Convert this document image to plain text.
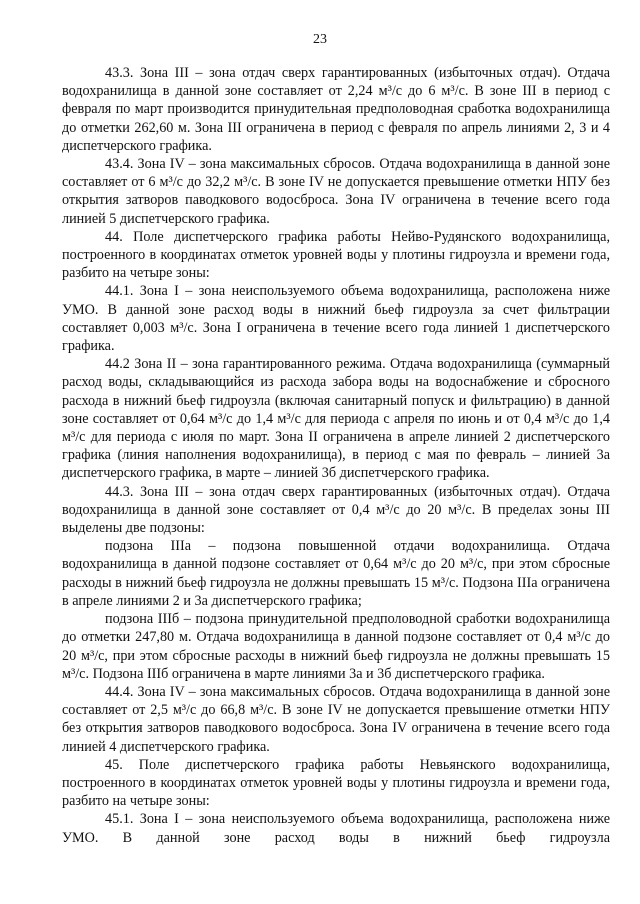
23

43.3. Зона III – зона отдач сверх гарантированных (избыточных отдач). Отдача водохранилища в данной зоне составляет от 2,24 м³/с до 6 м³/с. В зоне III в период с февраля по март производится принудительная предполоводная сработка водохранилища до отметки 262,60 м. Зона III ограничена в период с февраля по апрель линиями 2, 3 и 4 диспетчерского графика.

43.4. Зона IV – зона максимальных сбросов. Отдача водохранилища в данной зоне составляет от 6 м³/с до 32,2 м³/с. В зоне IV не допускается превышение отметки НПУ без открытия затворов паводкового водосброса. Зона IV ограничена в течение всего года линией 5 диспетчерского графика.

44. Поле диспетчерского графика работы Нейво-Рудянского водохранилища, построенного в координатах отметок уровней воды у плотины гидроузла и времени года, разбито на четыре зоны:

44.1. Зона I – зона неиспользуемого объема водохранилища, расположена ниже УМО. В данной зоне расход воды в нижний бьеф гидроузла за счет фильтрации составляет 0,003 м³/с. Зона I ограничена в течение всего года линией 1 диспетчерского графика.

44.2 Зона II – зона гарантированного режима. Отдача водохранилища (суммарный расход воды, складывающийся из расхода забора воды на водоснабжение и сбросного расхода в нижний бьеф гидроузла (включая санитарный попуск и фильтрацию) в данной зоне составляет от 0,64 м³/с до 1,4 м³/с для периода с апреля по июнь и от 0,4 м³/с до 1,4 м³/с для периода с июля по март. Зона II ограничена в апреле линией 2 диспетчерского графика (линия наполнения водохранилища), в период с мая по февраль – линией 3а диспетчерского графика, в марте – линией 3б диспетчерского графика.

44.3. Зона III – зона отдач сверх гарантированных (избыточных отдач). Отдача водохранилища в данной зоне составляет от 0,4 м³/с до 20 м³/с. В пределах зоны III выделены две подзоны:

подзона IIIа – подзона повышенной отдачи водохранилища. Отдача водохранилища в данной подзоне составляет от 0,64 м³/с до 20 м³/с, при этом сбросные расходы в нижний бьеф гидроузла не должны превышать 15 м³/с. Подзона IIIа ограничена в апреле линиями 2 и 3а диспетчерского графика;

подзона IIIб – подзона принудительной предполоводной сработки водохранилища до отметки 247,80 м. Отдача водохранилища в данной подзоне составляет от 0,4 м³/с до 20 м³/с, при этом сбросные расходы в нижний бьеф гидроузла не должны превышать 15 м³/с. Подзона IIIб ограничена в марте линиями 3а и 3б диспетчерского графика.

44.4. Зона IV – зона максимальных сбросов. Отдача водохранилища в данной зоне составляет от 2,5 м³/с до 66,8 м³/с. В зоне IV не допускается превышение отметки НПУ без открытия затворов паводкового водосброса. Зона IV ограничена в течение всего года линией 4 диспетчерского графика.

45. Поле диспетчерского графика работы Невьянского водохранилища, построенного в координатах отметок уровней воды у плотины гидроузла и времени года, разбито на четыре зоны:

45.1. Зона I – зона неиспользуемого объема водохранилища, расположена ниже УМО. В данной зоне расход воды в нижний бьеф гидроузла
